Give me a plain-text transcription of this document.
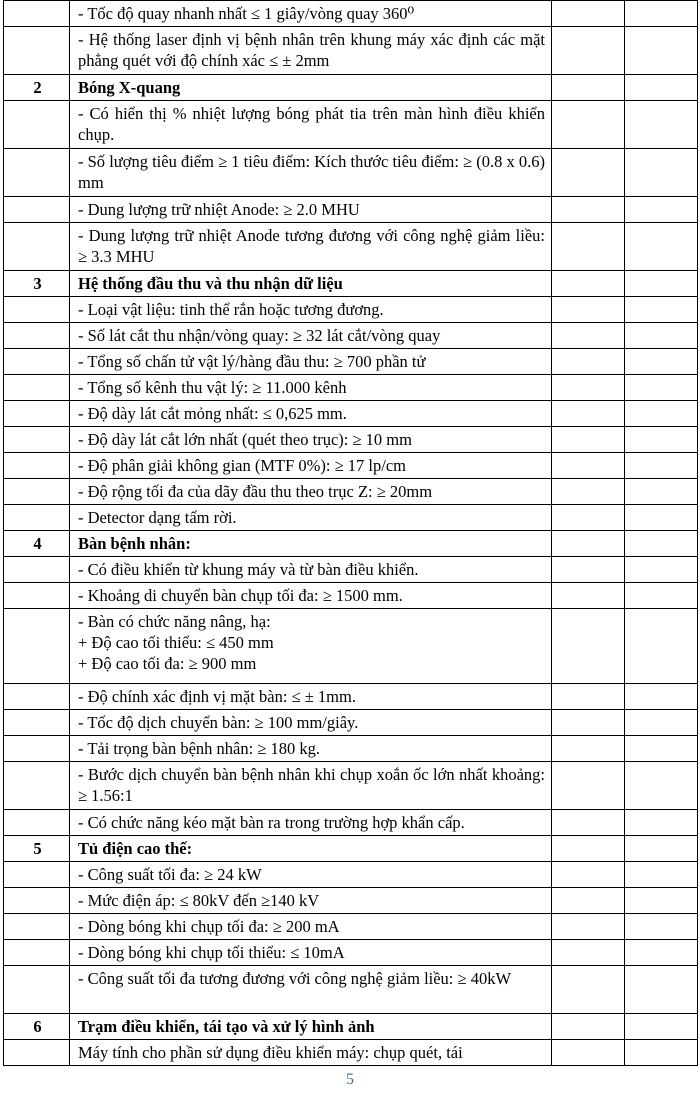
	- Tốc độ quay nhanh nhất ≤ 1 giây/vòng quay 360⁰		

	- Hệ thống laser định vị bệnh nhân trên khung máy xác định các mặt phẳng quét với độ chính xác ≤ ± 2mm		

2	Bóng X-quang		

	- Có hiển thị % nhiệt lượng bóng phát tia trên màn hình điều khiển chụp.		

	- Số lượng tiêu điểm ≥ 1 tiêu điểm: Kích thước tiêu điểm: ≥ (0.8 x 0.6) mm		

	- Dung lượng trữ nhiệt Anode: ≥ 2.0 MHU		

	- Dung lượng trữ nhiệt Anode tương đương với công nghệ giảm liều: ≥ 3.3 MHU		

3	Hệ thống đầu thu và thu nhận dữ liệu		

	- Loại vật liệu: tinh thể rắn hoặc tương đương.		

	- Số lát cắt thu nhận/vòng quay: ≥ 32 lát cắt/vòng quay		

	- Tổng số chấn tử vật lý/hàng đầu thu: ≥ 700 phần tử		

	- Tổng số kênh thu vật lý: ≥ 11.000 kênh		

	- Độ dày lát cắt mỏng nhất: ≤ 0,625 mm.		

	- Độ dày lát cắt lớn nhất (quét theo trục): ≥ 10 mm		

	- Độ phân giải không gian (MTF 0%): ≥ 17 lp/cm		

	- Độ rộng tối đa của dãy đầu thu theo trục Z: ≥ 20mm		

	- Detector dạng tấm rời.		

4	Bàn bệnh nhân:		

	- Có điều khiển từ khung máy và từ bàn điều khiển.		

	- Khoảng di chuyển bàn chụp tối đa: ≥ 1500 mm.		

	- Bàn có chức năng nâng, hạ:
+ Độ cao tối thiểu: ≤ 450 mm
+ Độ cao tối đa: ≥ 900 mm		

	- Độ chính xác định vị mặt bàn: ≤ ± 1mm.		

	- Tốc độ dịch chuyển bàn: ≥ 100 mm/giây.		

	- Tải trọng bàn bệnh nhân: ≥ 180 kg.		

	- Bước dịch chuyển bàn bệnh nhân khi chụp xoắn ốc lớn nhất khoảng: ≥ 1.56:1		

	- Có chức năng kéo mặt bàn ra trong trường hợp khẩn cấp.		

5	Tủ điện cao thế:		

	- Công suất tối đa: ≥ 24 kW		

	- Mức điện áp: ≤ 80kV đến ≥140 kV		

	- Dòng bóng khi chụp tối đa: ≥ 200 mA		

	- Dòng bóng khi chụp tối thiểu: ≤ 10mA		

	- Công suất tối đa tương đương với công nghệ giảm liều: ≥ 40kW		

6	Trạm điều khiển, tái tạo và xử lý hình ảnh		

	Máy tính cho phần sử dụng điều khiển máy: chụp quét, tái		

5
